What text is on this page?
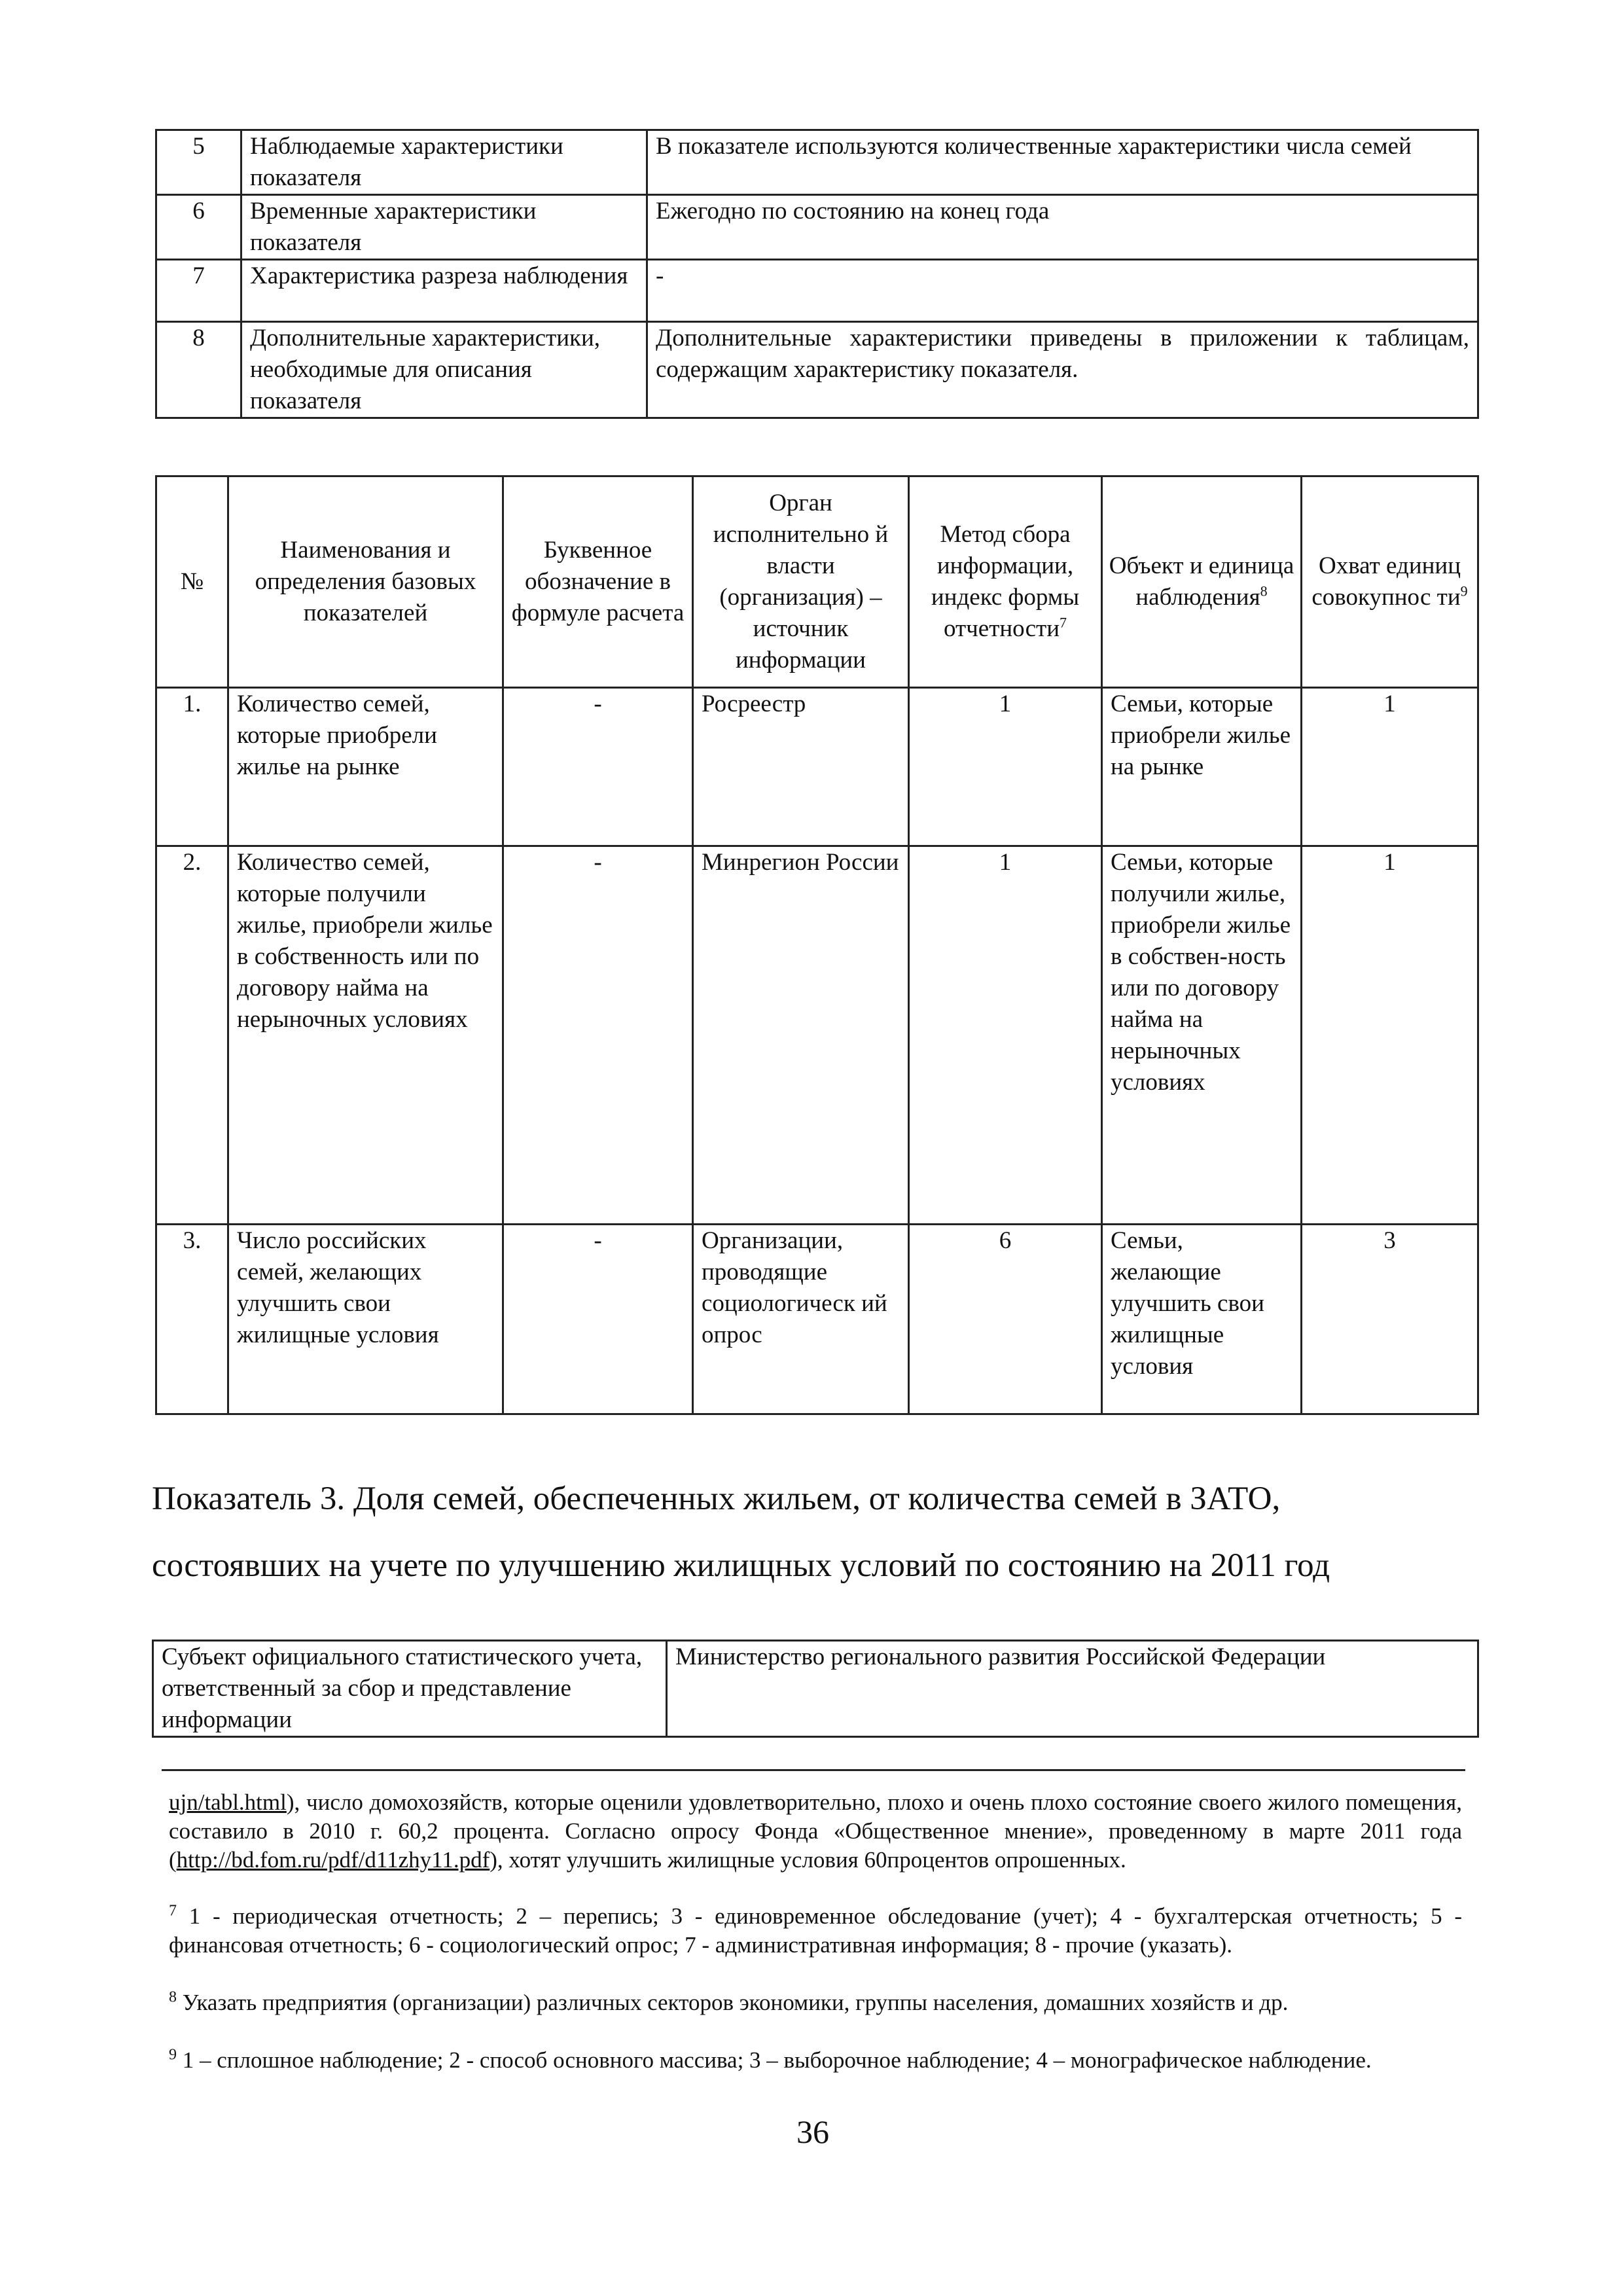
5	Наблюдаемые характеристики показателя	В показателе используются количественные характеристики числа семей
6	Временные характеристики показателя	Ежегодно по состоянию на конец года
7	Характеристика разреза наблюдения	-
8	Дополнительные характеристики, необходимые для описания показателя	Дополнительные характеристики приведены в приложении к таблицам, содержащим характеристику показателя.
№	Наименования и определения базовых показателей	Буквенное обозначение в формуле расчета	Орган исполнительно й власти (организация) – источник информации	Метод сбора информации, индекс формы отчетности$^7$	Объект и единица наблюдения$^8$	Охват единиц совокупнос $ти^9$
1.	Количество семей, которые приобрели жилье на рынке	-	Росреестр	1	Семьи, которые приобрели жилье на рынке	1
2.	Количество семей, которые получили жилье, приобрели жилье в собственность или по договору найма на нерыночных условиях	-	Минрегион России	1	Семьи, которые получили жилье, приобрели жилье в собствен-ность или по договору найма на нерыночных условиях	1
3.	Число российских семей, желающих улучшить свои жилищные условия	-	Организации, проводящие социологическ ий опрос	6	Семьи, желающие улучшить свои жилищные условия	3

Показатель 3. Доля семей, обеспеченных жильем, от количества семей в ЗАТО,

состоявших на учете по улучшению жилищных условий по состоянию на 2011 год

Субъект официального статистического учета, ответственный за сбор и представление информации	Министерство регионального развития Российской Федерации

ujn/tabl.html), число домохозяйств, которые оценили удовлетворительно, плохо и очень плохо состояние своего жилого помещения, составило в 2010 г. 60,2 процента. Согласно опросу Фонда «Общественное мнение», проведенному в марте 2011 года (http://bd.fom.ru/pdf/d11zhy11.pdf), хотят улучшить жилищные условия 60процентов опрошенных.

$^7$ 1 - периодическая отчетность; 2 – перепись; 3 - единовременное обследование (учет); 4 - бухгалтерская отчетность; 5 - финансовая отчетность; 6 - социологический опрос; 7 - административная информация; 8 - прочие (указать).

$^8$ Указать предприятия (организации) различных секторов экономики, группы населения, домашних хозяйств и др.

$^9$ 1 – сплошное наблюдение; 2 - способ основного массива; 3 – выборочное наблюдение; 4 – монографическое наблюдение.

36
